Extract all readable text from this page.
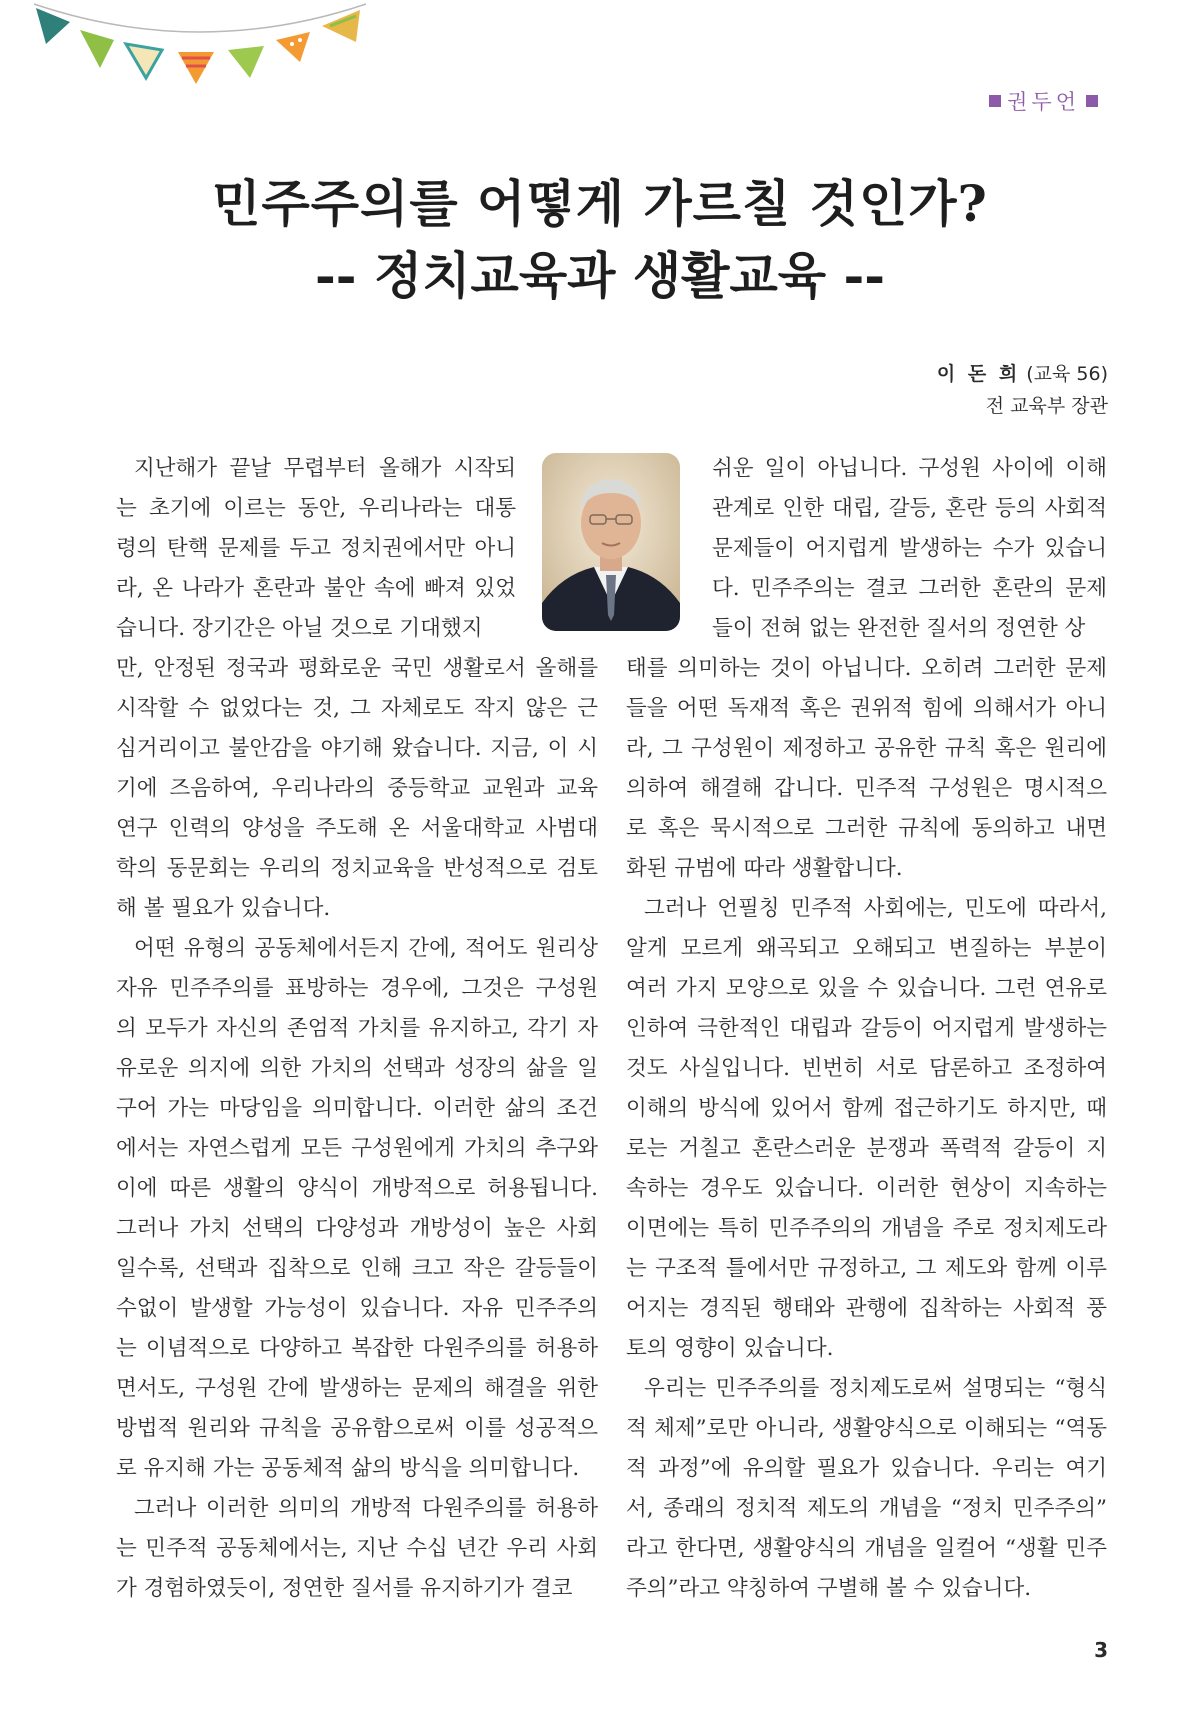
권두언
민주주의를 어떻게 가르칠 것인가?
-- 정치교육과 생활교육 --
이 돈 희 (교육 56)
전 교육부 장관
지난해가 끝날 무렵부터 올해가 시작되
는 초기에 이르는 동안, 우리나라는 대통
령의 탄핵 문제를 두고 정치권에서만 아니
라, 온 나라가 혼란과 불안 속에 빠져 있었
습니다. 장기간은 아닐 것으로 기대했지
만, 안정된 정국과 평화로운 국민 생활로서 올해를
시작할 수 없었다는 것, 그 자체로도 작지 않은 근
심거리이고 불안감을 야기해 왔습니다. 지금, 이 시
기에 즈음하여, 우리나라의 중등학교 교원과 교육
연구 인력의 양성을 주도해 온 서울대학교 사범대
학의 동문회는 우리의 정치교육을 반성적으로 검토
해 볼 필요가 있습니다.
어떤 유형의 공동체에서든지 간에, 적어도 원리상
자유 민주주의를 표방하는 경우에, 그것은 구성원
의 모두가 자신의 존엄적 가치를 유지하고, 각기 자
유로운 의지에 의한 가치의 선택과 성장의 삶을 일
구어 가는 마당임을 의미합니다. 이러한 삶의 조건
에서는 자연스럽게 모든 구성원에게 가치의 추구와
이에 따른 생활의 양식이 개방적으로 허용됩니다.
그러나 가치 선택의 다양성과 개방성이 높은 사회
일수록, 선택과 집착으로 인해 크고 작은 갈등들이
수없이 발생할 가능성이 있습니다. 자유 민주주의
는 이념적으로 다양하고 복잡한 다원주의를 허용하
면서도, 구성원 간에 발생하는 문제의 해결을 위한
방법적 원리와 규칙을 공유함으로써 이를 성공적으
로 유지해 가는 공동체적 삶의 방식을 의미합니다.
그러나 이러한 의미의 개방적 다원주의를 허용하
는 민주적 공동체에서는, 지난 수십 년간 우리 사회
가 경험하였듯이, 정연한 질서를 유지하기가 결코
쉬운 일이 아닙니다. 구성원 사이에 이해
관계로 인한 대립, 갈등, 혼란 등의 사회적
문제들이 어지럽게 발생하는 수가 있습니
다. 민주주의는 결코 그러한 혼란의 문제
들이 전혀 없는 완전한 질서의 정연한 상
태를 의미하는 것이 아닙니다. 오히려 그러한 문제
들을 어떤 독재적 혹은 권위적 힘에 의해서가 아니
라, 그 구성원이 제정하고 공유한 규칙 혹은 원리에
의하여 해결해 갑니다. 민주적 구성원은 명시적으
로 혹은 묵시적으로 그러한 규칙에 동의하고 내면
화된 규범에 따라 생활합니다.
그러나 언필칭 민주적 사회에는, 민도에 따라서,
알게 모르게 왜곡되고 오해되고 변질하는 부분이
여러 가지 모양으로 있을 수 있습니다. 그런 연유로
인하여 극한적인 대립과 갈등이 어지럽게 발생하는
것도 사실입니다. 빈번히 서로 담론하고 조정하여
이해의 방식에 있어서 함께 접근하기도 하지만, 때
로는 거칠고 혼란스러운 분쟁과 폭력적 갈등이 지
속하는 경우도 있습니다. 이러한 현상이 지속하는
이면에는 특히 민주주의의 개념을 주로 정치제도라
는 구조적 틀에서만 규정하고, 그 제도와 함께 이루
어지는 경직된 행태와 관행에 집착하는 사회적 풍
토의 영향이 있습니다.
우리는 민주주의를 정치제도로써 설명되는 “형식
적 체제”로만 아니라, 생활양식으로 이해되는 “역동
적 과정”에 유의할 필요가 있습니다. 우리는 여기
서, 종래의 정치적 제도의 개념을 “정치 민주주의”
라고 한다면, 생활양식의 개념을 일컬어 “생활 민주
주의”라고 약칭하여 구별해 볼 수 있습니다.
3
